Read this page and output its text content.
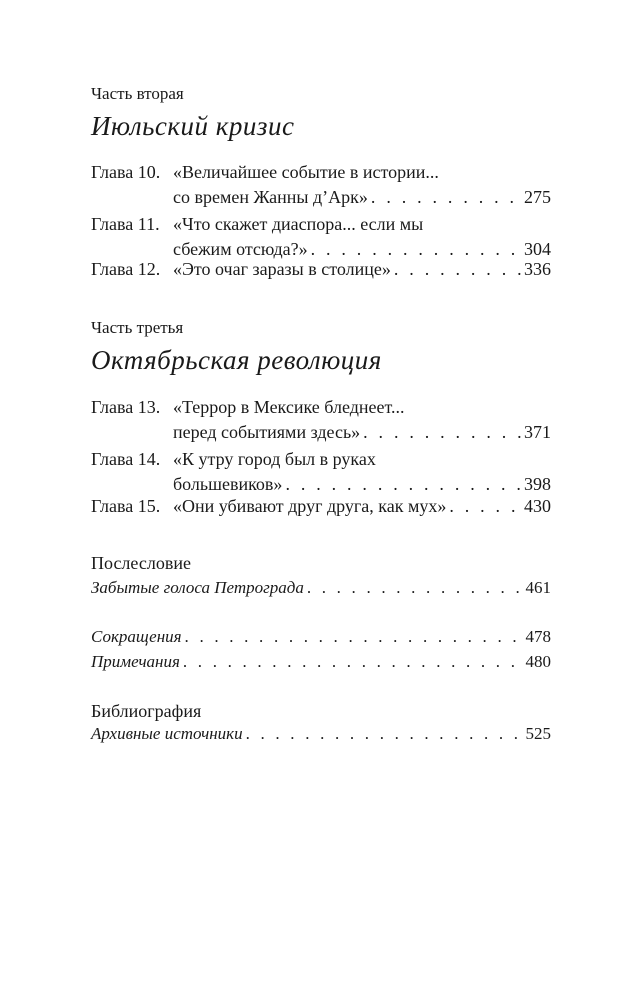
Часть вторая
Июльский кризис
Глава 10. «Величайшее событие в истории...
со времен Жанны д’Арк» . . .	275
Глава 11. «Что скажет диаспора... если мы
сбежим отсюда?» . . .	304
Глава 12. «Это очаг заразы в столице» . . .	336
Часть третья
Октябрьская революция
Глава 13. «Террор в Мексике бледнеет...
перед событиями здесь» . . .	371
Глава 14. «К утру город был в руках
большевиков» . . .	398
Глава 15. «Они убивают друг друга, как мух» . . .	430
Послесловие
Забытые голоса Петрограда . . .	461
Сокращения . . .	478
Примечания . . .	480
Библиография
Архивные источники . . .	525
